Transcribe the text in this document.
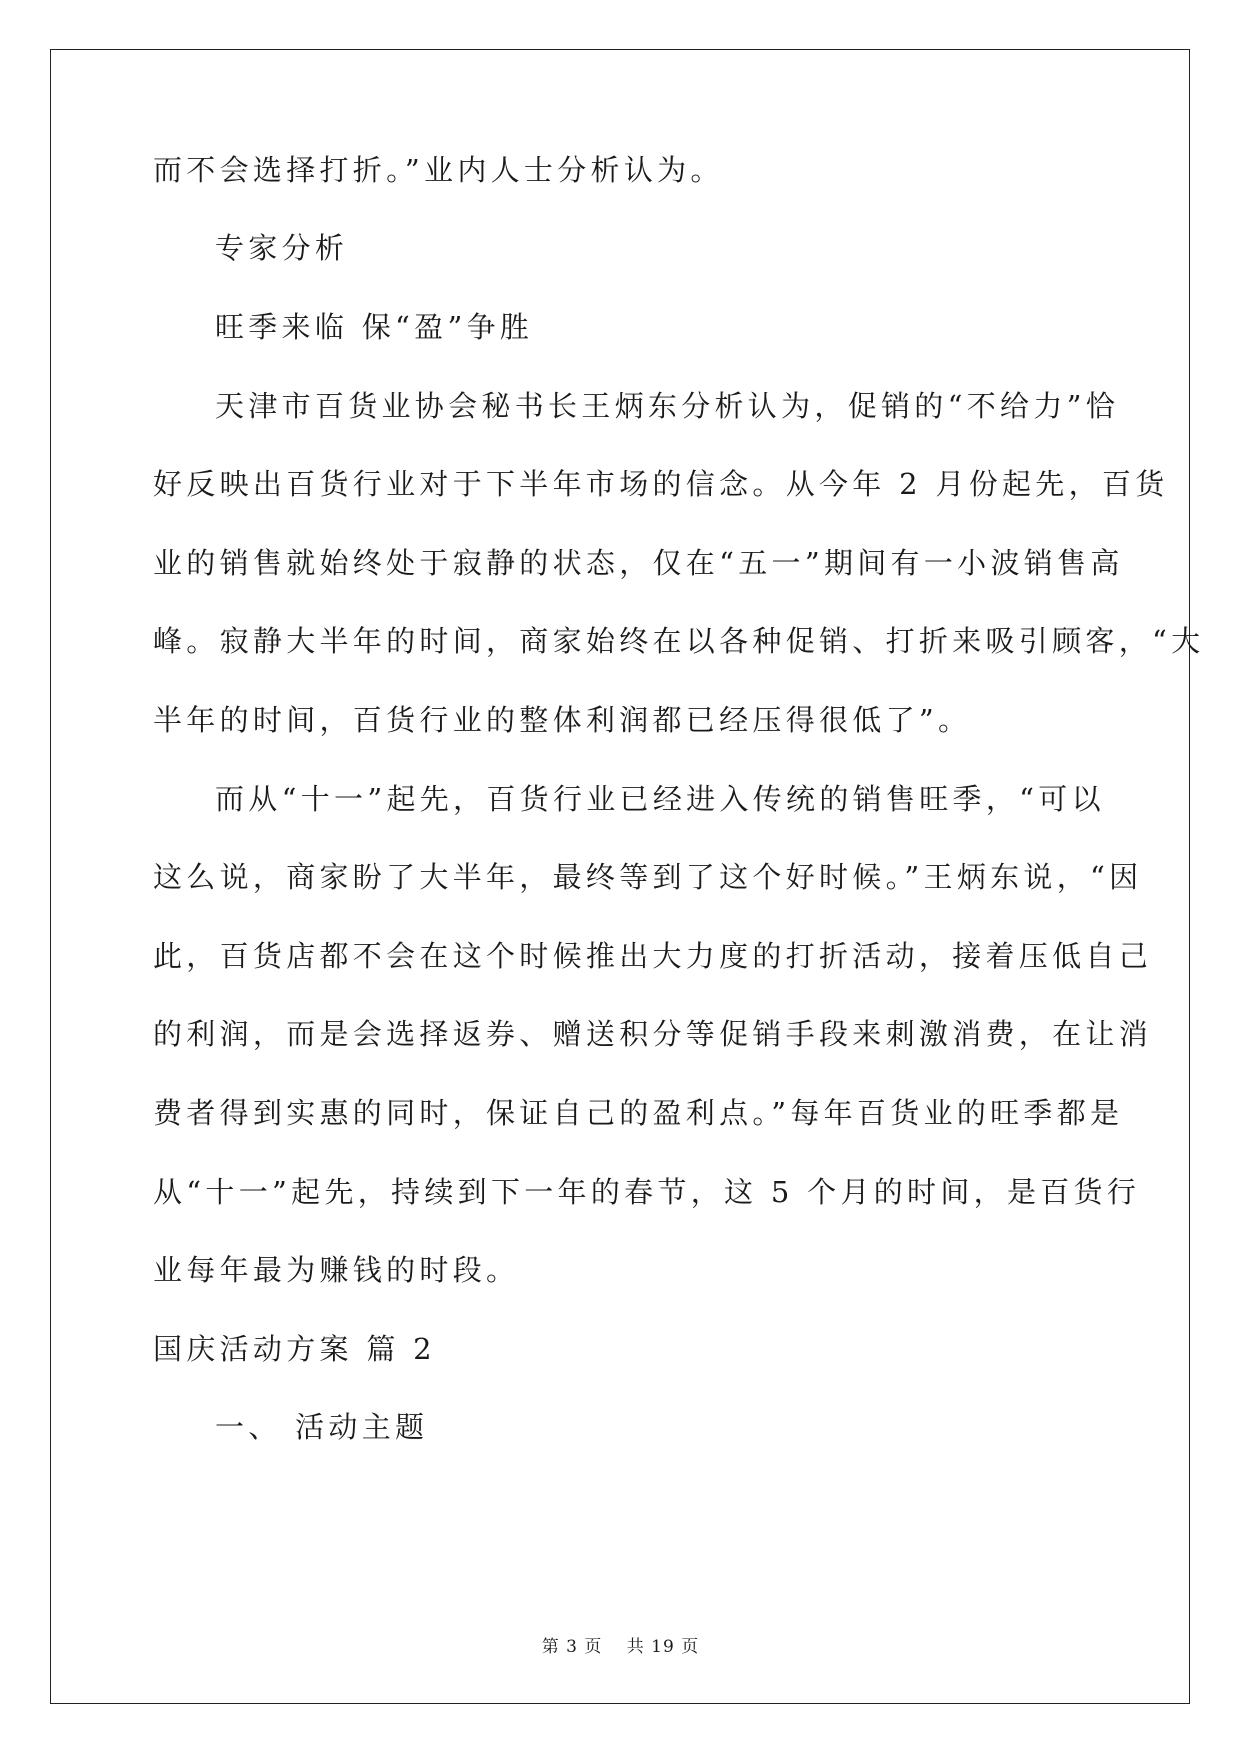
而不会选择打折。”业内人士分析认为。
专家分析
旺季来临 保“盈”争胜
天津市百货业协会秘书长王炳东分析认为，促销的“不给力”恰
好反映出百货行业对于下半年市场的信念。从今年 2 月份起先，百货
业的销售就始终处于寂静的状态，仅在“五一”期间有一小波销售高
峰。寂静大半年的时间，商家始终在以各种促销、打折来吸引顾客，“大
半年的时间，百货行业的整体利润都已经压得很低了”。
而从“十一”起先，百货行业已经进入传统的销售旺季，“可以
这么说，商家盼了大半年，最终等到了这个好时候。”王炳东说，“因
此，百货店都不会在这个时候推出大力度的打折活动，接着压低自己
的利润，而是会选择返券、赠送积分等促销手段来刺激消费，在让消
费者得到实惠的同时，保证自己的盈利点。”每年百货业的旺季都是
从“十一”起先，持续到下一年的春节，这 5 个月的时间，是百货行
业每年最为赚钱的时段。
国庆活动方案 篇 2
一、 活动主题
第 3 页 共 19 页
